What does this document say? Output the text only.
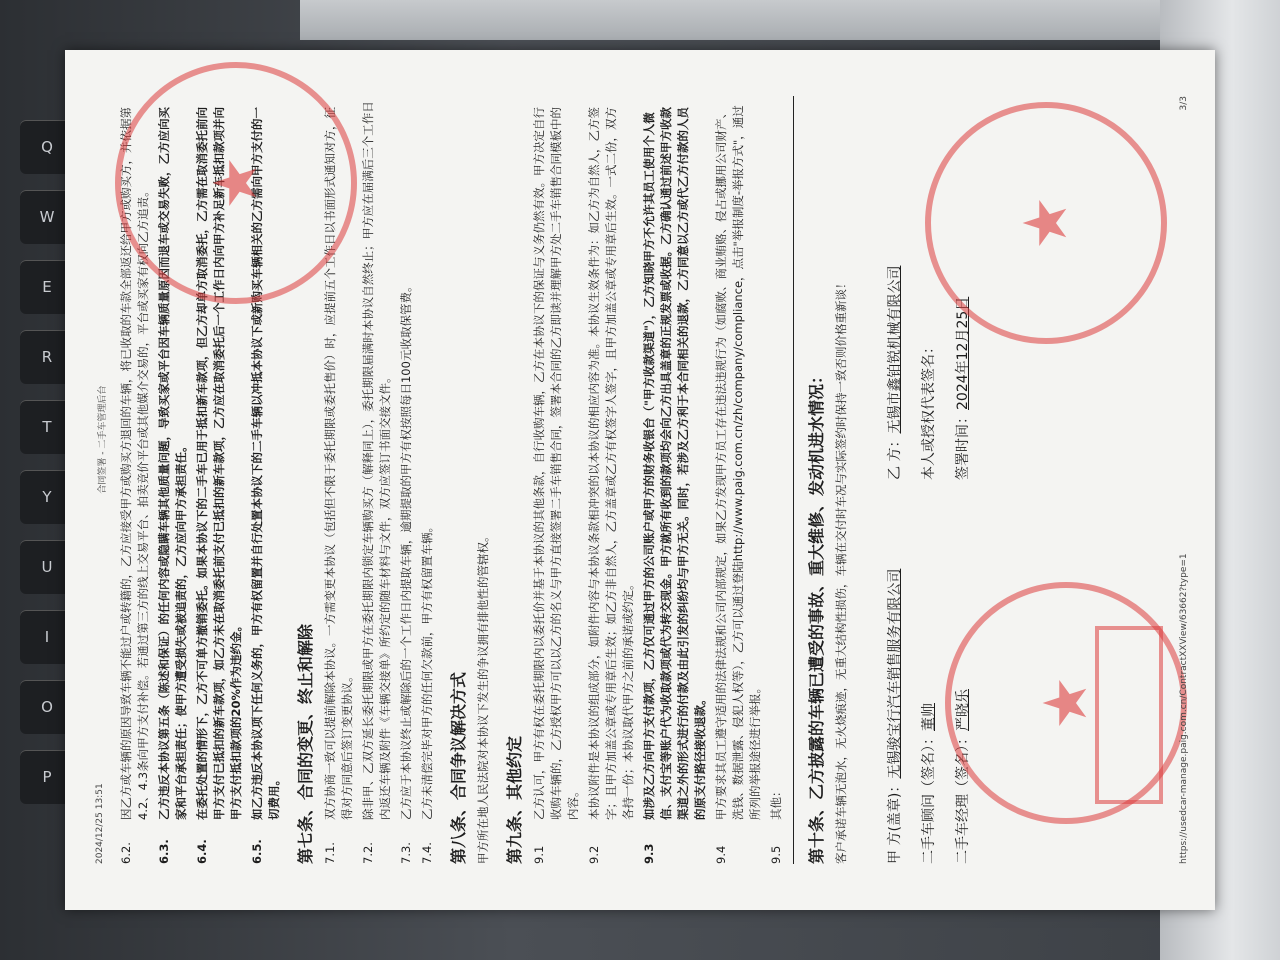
Q
W
E
R
T
Y
U
I
O
P
2024/12/25 13:51
合同签署 - 二手车管理后台
6.2.
因乙方或车辆的原因导致车辆不能过户或转籍的，乙方应接受甲方或购买方退回的车辆，将已收取的车款全部返还给甲方或购买方，并依据第4.2、4.3条向甲方支付补偿。若通过第三方的线上交易平台、拍卖竞价平台或其他媒介交易的，平台或买家有权向乙方追责。
6.3.
乙方违反本协议第五条（陈述和保证）的任何内容或隐瞒车辆其他质量问题，导致买家或平台因车辆质量原因而退车或交易失败，乙方应向买家和平台承担责任；使甲方遭受损失或被追责的，乙方应向甲方承担责任。
6.4.
在委托处置的情形下，乙方不可单方撤销委托。如果本协议下的二手车已用于抵扣新车款项，但乙方却单方取消委托，乙方需在取消委托前向甲方支付已抵扣的新车款项，如乙方未在取消委托前支付已抵扣的新车款项，乙方应在取消委托后一个工作日内向甲方补足新车抵扣款项并向甲方支付抵扣款项的20%作为违约金。
6.5.
如乙方违反本协议项下任何义务的，甲方有权留置并自行处置本协议下的二手车辆以冲抵本协议下或新购买车辆相关的乙方需向甲方支付的一切费用。 第七条、合同的变更、终止和解除 7.1.
双方协商一致可以提前解除本协议。一方需变更本协议（包括但不限于委托期限或委托售价）时，应提前五个工作日以书面形式通知对方，征得对方同意后签订变更协议。
7.2.
除非甲、乙双方延长委托期限或甲方在委托期限内锁定车辆购买方（解释同上），委托期限届满时本协议自然终止；甲方应在届满后三个工作日内返还车辆及附件《车辆交接单》所约定的随车材料与文件，双方应签订书面交接文件。
7.3.
乙方应于本协议终止或解除后的一个工作日内提取车辆，逾期提取的甲方有权按照每日100元收取保管费。
7.4.
乙方未清偿完毕对甲方的任何欠款前，甲方有权留置车辆。 第八条、合同争议解决方式 甲方所在地人民法院对本协议下发生的争议拥有排他性的管辖权。 第九条、其他约定 9.1
乙方认可，甲方有权在委托期限内以委托价并基于本协议的其他条款，自行收购车辆，乙方在本协议下的保证与义务仍然有效。甲方决定自行收购车辆的，乙方授权甲方可以以乙方的名义与甲方直接签署二手车销售合同，签署本合同的乙方即读并理解甲方处二手车销售合同模板中的内容。
9.2
本协议附件是本协议的组成部分，如附件内容与本协议条款相冲突的以本协议的相应内容为准。本协议生效条件为：如乙方为自然人，乙方签字；且甲方加盖公章或专用章后生效；如乙方非自然人，乙方盖章或乙方有权签字人签字，且甲方加盖公章或专用章后生效。一式二份，双方各持一份；本协议取代甲方之前的承诺或约定。
9.3
如涉及乙方向甲方支付款项，乙方仅可通过甲方的公司账户或甲方的财务收银台（"甲方收款渠道"），乙方知晓甲方不允许其员工使用个人微信、支付宝等账户代为收取款项或代为转交现金。甲方就所有收到的款项均会向乙方出具盖章的正规发票或收据。乙方确认通过前述甲方收款渠道之外的形式进行的付款及由此引发的纠纷均与甲方无关。同时，若涉及乙方利于本合同相关的退款，乙方同意以乙方或代乙方付款的人员的原支付路径接收退款。
9.4
甲方要求其员工遵守适用的法律法规和公司内部规定，如果乙方发现甲方员工存在违法违规行为（如腐败、商业贿赂、侵占或挪用公司财产、洗钱、数据泄露、侵犯人权等），乙方可以通过登陆http://www.paig.com.cn/zh/company/compliance，点击"举报制度-举报方式"，通过所列的举报途径进行举报。
9.5
其他： 第十条、乙方披露的车辆已遭受的事故、重大维修、发动机进水情况： 客户承诺车辆无泡水，无火烧痕迹，无重大结构性损伤，车辆在交付时车况与实际签约时保持一致否则价格重新谈！	甲 方(盖章)：无锡骏宝行汽车销售服务有限公司
二手车顾问（签名）：董帅
二手车经理（签名）：严晓乐
乙 方：无锡市鑫铂锐机械有限公司 本人或授权代表签名： 签署时间：2024年12月25日
★
★
★	https://usedcar-manage.paig.com.cn/ContractXXView/63662?type=1
3/3
